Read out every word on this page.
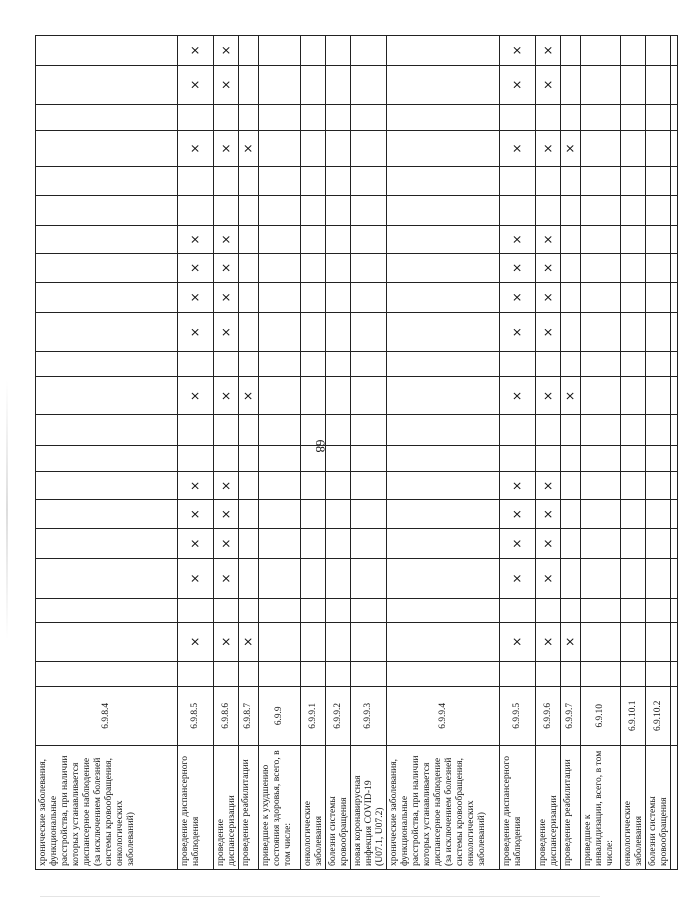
68
хронические заболевания, функциональные расстройства, при наличии которых устанавливается диспансерное наблюдение (за исключением болезней системы кровообращения, онкологических заболеваний)	6.9.8.4																					
проведение диспансерного наблюдения	6.9.8.5		×		×	×	×	×			×		×	×	×	×			×		×	×
проведение диспансеризации	6.9.8.6		×		×	×	×	×			×		×	×	×	×			×		×	×
проведение реабилитации	6.9.8.7		×								×								×			
приведшее к ухудшению состояния здоровья, всего, в том числе:	6.9.9																					
онкологические заболевания	6.9.9.1																					
болезни системы кровообращения	6.9.9.2																					
новая коронавирусная инфекция COVID-19 (U07.1, U07.2)	6.9.9.3																					
хронические заболевания, функциональные расстройства, при наличии которых устанавливается диспансерное наблюдение (за исключением болезней системы кровообращения, онкологических заболеваний)	6.9.9.4																					
проведение диспансерного наблюдения	6.9.9.5		×		×	×	×	×			×		×	×	×	×			×		×	×
проведение диспансеризации	6.9.9.6		×		×	×	×	×			×		×	×	×	×			×		×	×
проведение реабилитации	6.9.9.7		×								×								×			
приведшее к инвалидизации, всего, в том числе:	6.9.10																					
онкологические заболевания	6.9.10.1																					
болезни системы кровообращения	6.9.10.2																					
